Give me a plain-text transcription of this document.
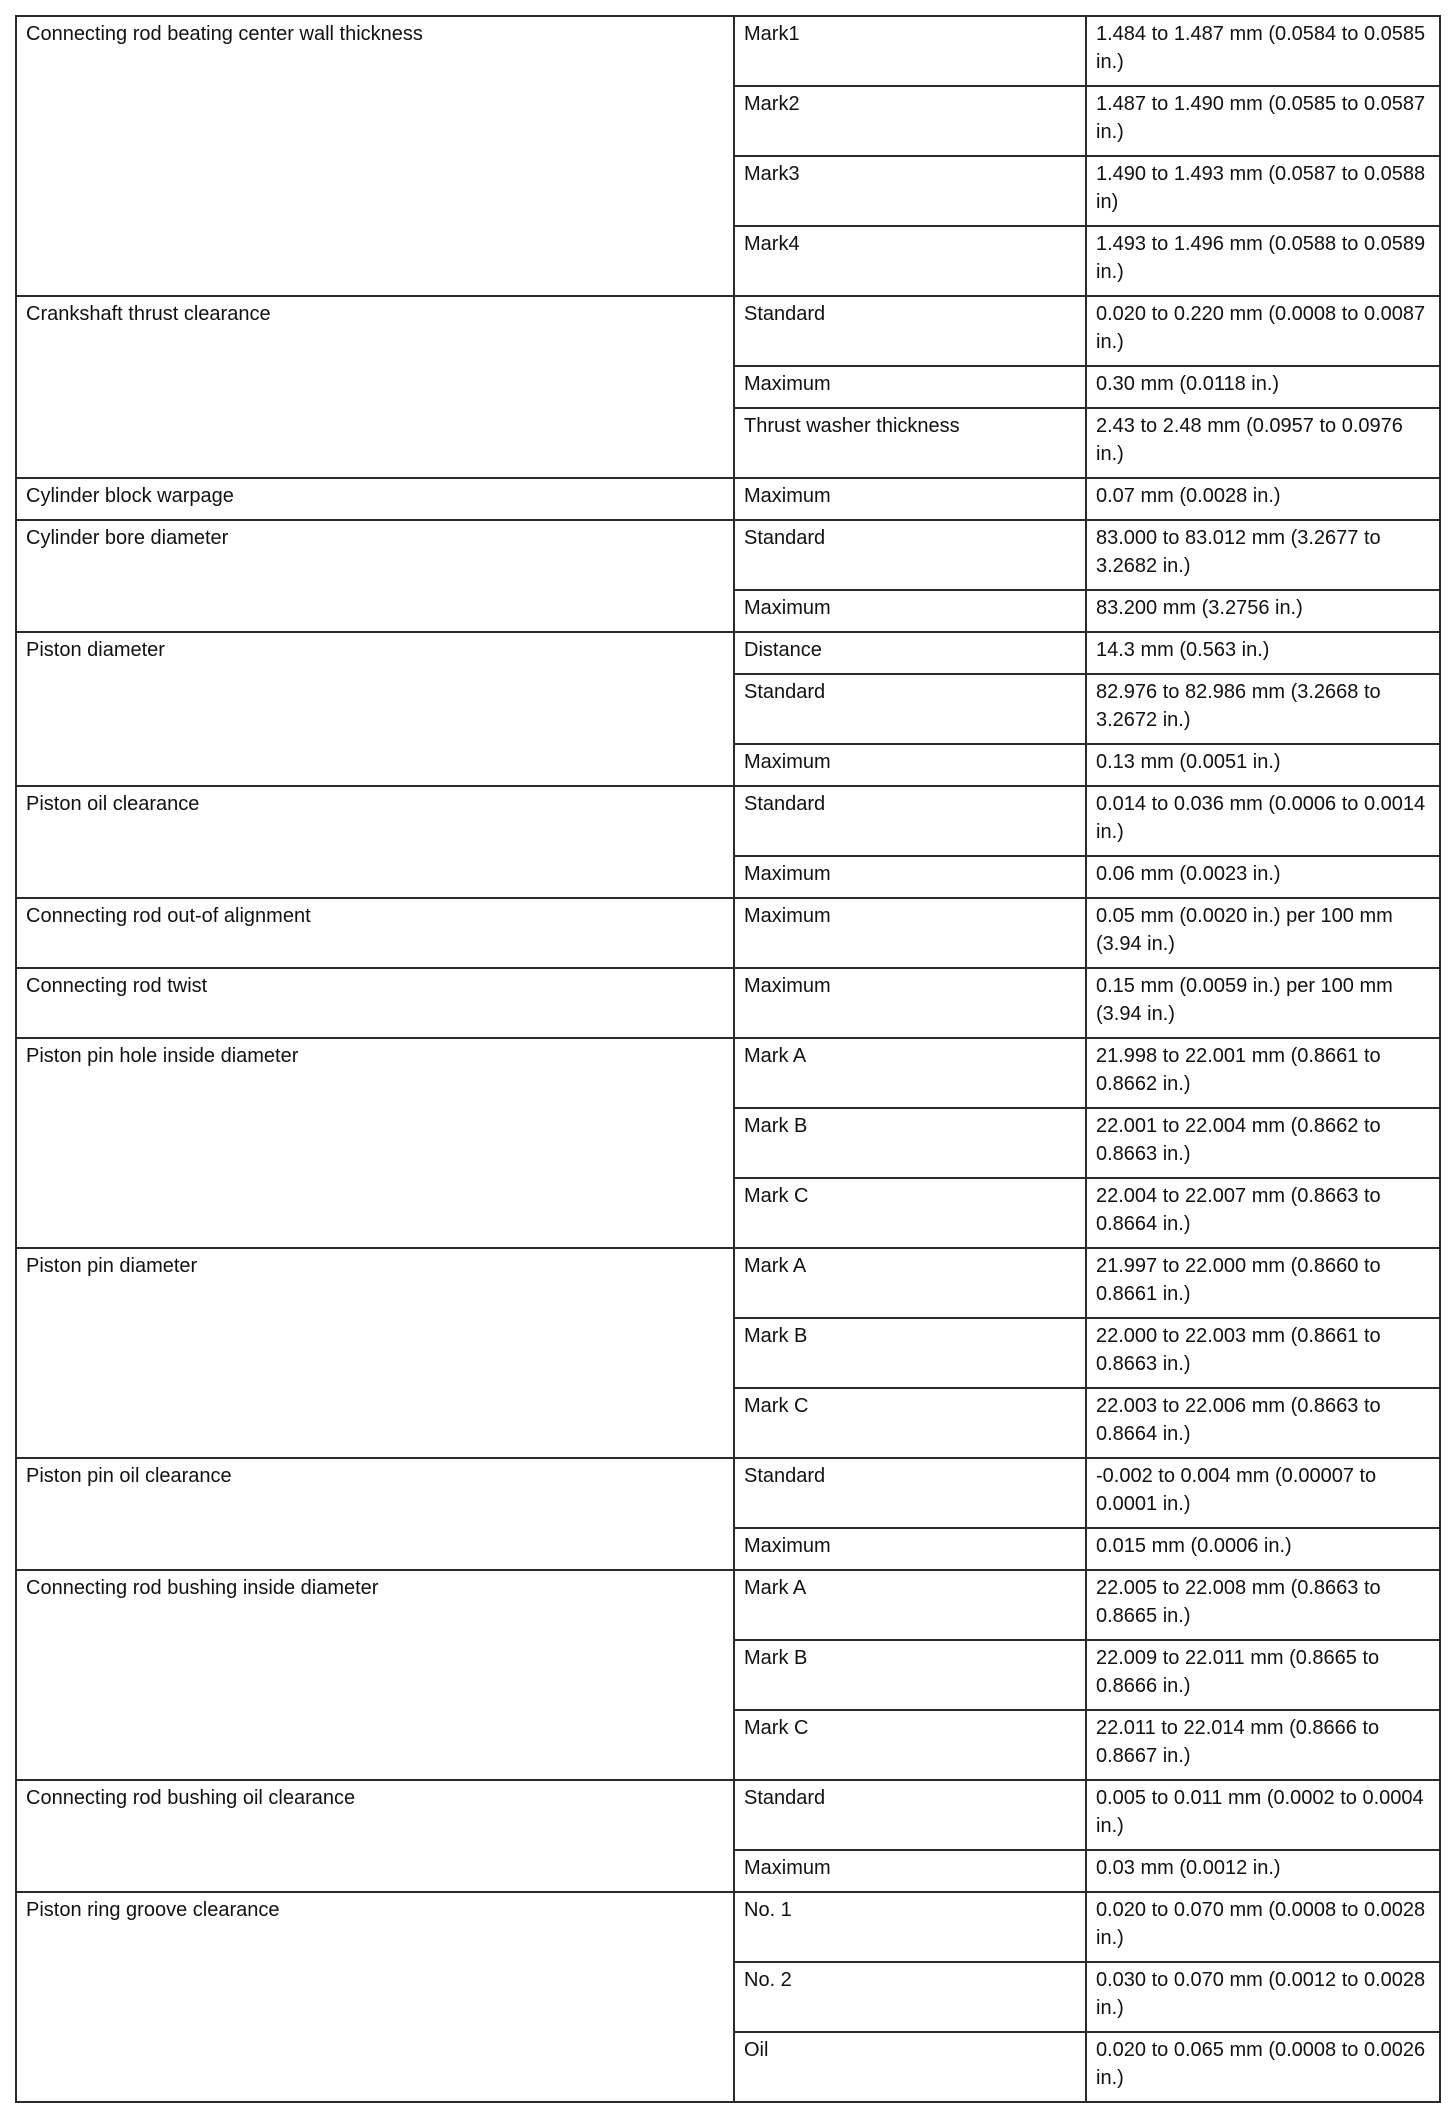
Connecting rod beating center wall thickness	Mark1	1.484 to 1.487 mm (0.0584 to 0.0585 in.)
	Mark2	1.487 to 1.490 mm (0.0585 to 0.0587 in.)
	Mark3	1.490 to 1.493 mm (0.0587 to 0.0588 in)
	Mark4	1.493 to 1.496 mm (0.0588 to 0.0589 in.)
Crankshaft thrust clearance	Standard	0.020 to 0.220 mm (0.0008 to 0.0087 in.)
	Maximum	0.30 mm (0.0118 in.)
	Thrust washer thickness	2.43 to 2.48 mm (0.0957 to 0.0976 in.)
Cylinder block warpage	Maximum	0.07 mm (0.0028 in.)
Cylinder bore diameter	Standard	83.000 to 83.012 mm (3.2677 to 3.2682 in.)
	Maximum	83.200 mm (3.2756 in.)
Piston diameter	Distance	14.3 mm (0.563 in.)
	Standard	82.976 to 82.986 mm (3.2668 to 3.2672 in.)
	Maximum	0.13 mm (0.0051 in.)
Piston oil clearance	Standard	0.014 to 0.036 mm (0.0006 to 0.0014 in.)
	Maximum	0.06 mm (0.0023 in.)
Connecting rod out-of alignment	Maximum	0.05 mm (0.0020 in.) per 100 mm (3.94 in.)
Connecting rod twist	Maximum	0.15 mm (0.0059 in.) per 100 mm (3.94 in.)
Piston pin hole inside diameter	Mark A	21.998 to 22.001 mm (0.8661 to 0.8662 in.)
	Mark B	22.001 to 22.004 mm (0.8662 to 0.8663 in.)
	Mark C	22.004 to 22.007 mm (0.8663 to 0.8664 in.)
Piston pin diameter	Mark A	21.997 to 22.000 mm (0.8660 to 0.8661 in.)
	Mark B	22.000 to 22.003 mm (0.8661 to 0.8663 in.)
	Mark C	22.003 to 22.006 mm (0.8663 to 0.8664 in.)
Piston pin oil clearance	Standard	-0.002 to 0.004 mm (0.00007 to 0.0001 in.)
	Maximum	0.015 mm (0.0006 in.)
Connecting rod bushing inside diameter	Mark A	22.005 to 22.008 mm (0.8663 to 0.8665 in.)
	Mark B	22.009 to 22.011 mm (0.8665 to 0.8666 in.)
	Mark C	22.011 to 22.014 mm (0.8666 to 0.8667 in.)
Connecting rod bushing oil clearance	Standard	0.005 to 0.011 mm (0.0002 to 0.0004 in.)
	Maximum	0.03 mm (0.0012 in.)
Piston ring groove clearance	No. 1	0.020 to 0.070 mm (0.0008 to 0.0028 in.)
	No. 2	0.030 to 0.070 mm (0.0012 to 0.0028 in.)
	Oil	0.020 to 0.065 mm (0.0008 to 0.0026 in.)
